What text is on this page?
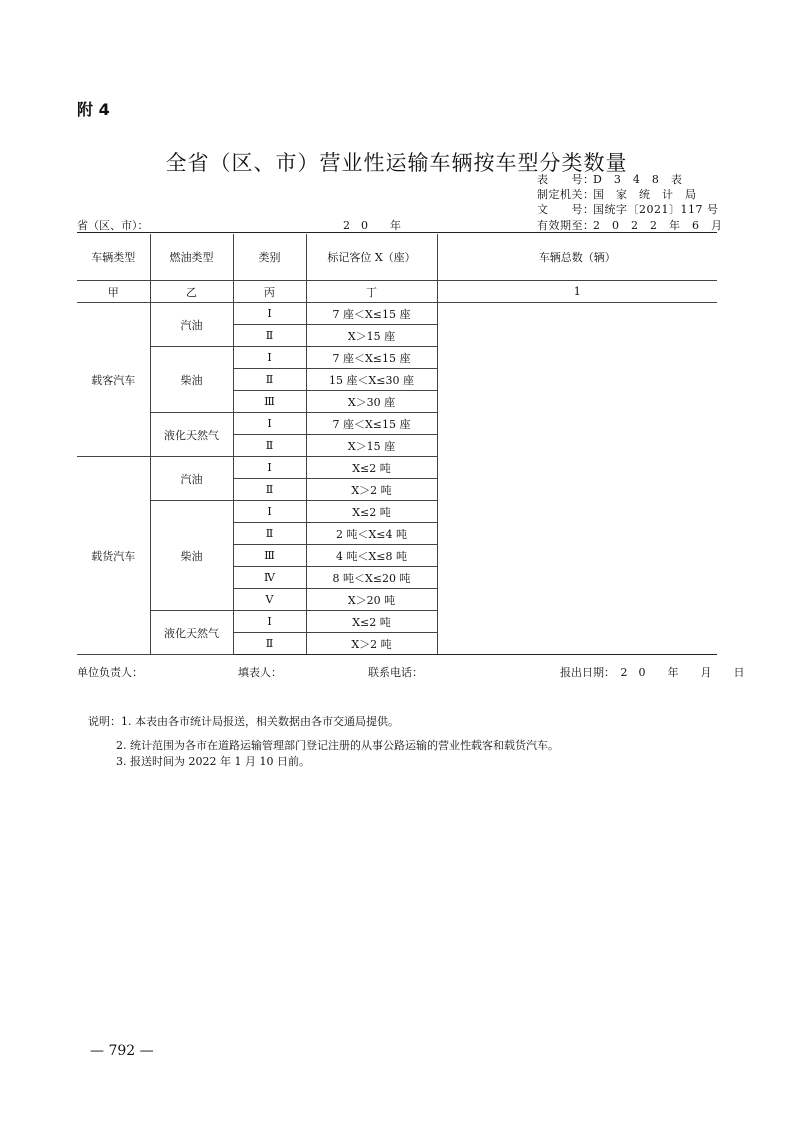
附 4
全省（区、市）营业性运输车辆按车型分类数量
表　　号：D　3　4　8　表
制定机关：国　家　统　计　局
文　　号：国统字〔2021〕117 号
有效期至：2　0　2　2　年　6　月
省（区、市）：	2　0　　年
车辆类型	燃油类型	类别	标记客位 X（座）	车辆总数（辆）
甲	乙	丙	丁	1
载客汽车	汽油	Ⅰ	7 座＜X≤15 座	
		Ⅱ	X＞15 座	
	柴油	Ⅰ	7 座＜X≤15 座	
		Ⅱ	15 座＜X≤30 座	
		Ⅲ	X＞30 座	
	液化天然气	Ⅰ	7 座＜X≤15 座	
		Ⅱ	X＞15 座	
载货汽车	汽油	Ⅰ	X≤2 吨	
		Ⅱ	X＞2 吨	
	柴油	Ⅰ	X≤2 吨	
		Ⅱ	2 吨＜X≤4 吨	
		Ⅲ	4 吨＜X≤8 吨	
		Ⅳ	8 吨＜X≤20 吨	
		Ⅴ	X＞20 吨	
	液化天然气	Ⅰ	X≤2 吨	
		Ⅱ	X＞2 吨	
单位负责人：	填表人：	联系电话：	报出日期：　2　0　　年　　月　　日
说明：1. 本表由各市统计局报送，相关数据由各市交通局提供。
2. 统计范围为各市在道路运输管理部门登记注册的从事公路运输的营业性载客和载货汽车。
3. 报送时间为 2022 年 1 月 10 日前。
— 792 —
